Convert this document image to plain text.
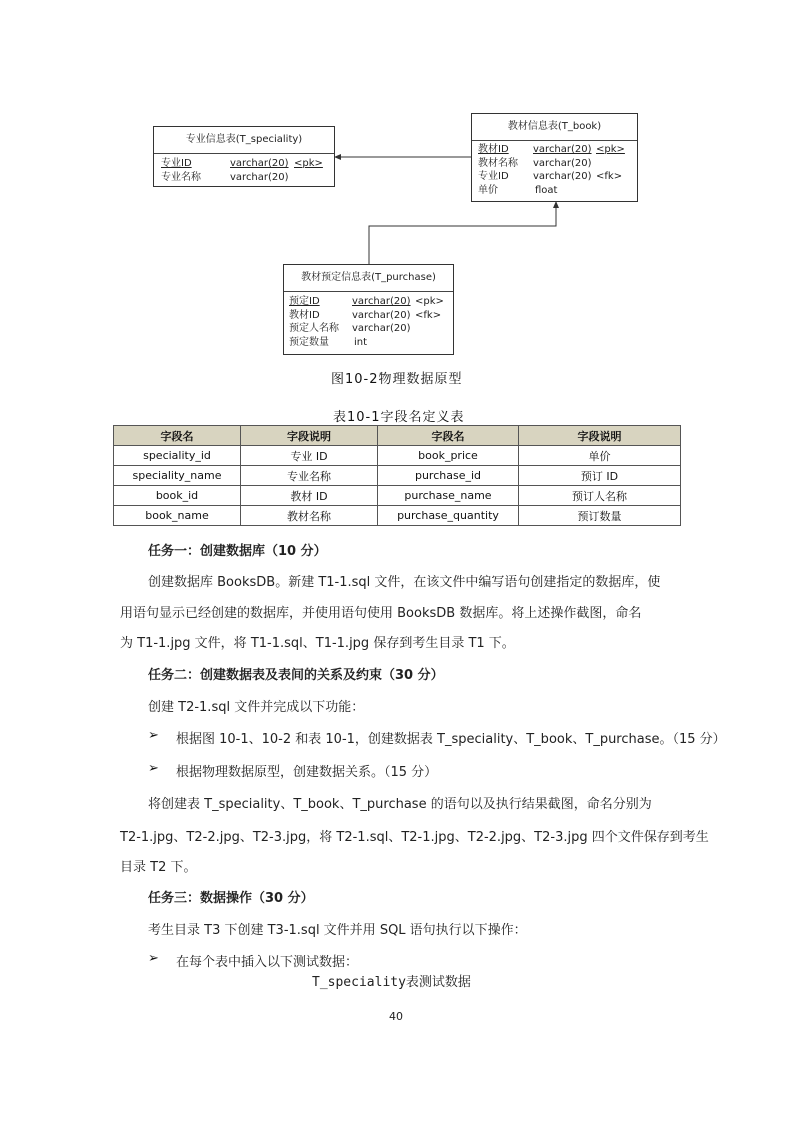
专业信息表(T_speciality)
专业ID	varchar(20) <pk>
专业名称	varchar(20)
教材信息表(T_book)
教材ID varchar(20) <pk>
教材名称 varchar(20)
专业ID varchar(20) <fk>
单价	float
教材预定信息表(T_purchase)
预定ID	varchar(20) <pk>
教材ID	varchar(20) <fk>
预定人名称 varchar(20)
预定数量	int
图10-2物理数据原型
表10-1字段名定义表
字段名	字段说明	字段名	字段说明
speciality_id	专业 ID	book_price	单价
speciality_name	专业名称	purchase_id	预订 ID
book_id	教材 ID	purchase_name	预订人名称
book_name	教材名称	purchase_quantity	预订数量
任务一：创建数据库（10 分）
创建数据库 BooksDB。新建 T1-1.sql 文件，在该文件中编写语句创建指定的数据库，使
用语句显示已经创建的数据库，并使用语句使用 BooksDB 数据库。将上述操作截图，命名
为 T1-1.jpg 文件，将 T1-1.sql、T1-1.jpg 保存到考生目录 T1 下。
任务二：创建数据表及表间的关系及约束（30 分）
创建 T2-1.sql 文件并完成以下功能：
➢ 根据图 10-1、10-2 和表 10-1，创建数据表 T_speciality、T_book、T_purchase。（15 分）
➢ 根据物理数据原型，创建数据关系。（15 分）
将创建表 T_speciality、T_book、T_purchase 的语句以及执行结果截图，命名分别为
T2-1.jpg、T2-2.jpg、T2-3.jpg，将 T2-1.sql、T2-1.jpg、T2-2.jpg、T2-3.jpg 四个文件保存到考生
目录 T2 下。
任务三：数据操作（30 分）
考生目录 T3 下创建 T3-1.sql 文件并用 SQL 语句执行以下操作：
➢ 在每个表中插入以下测试数据：
T_speciality表测试数据
40
